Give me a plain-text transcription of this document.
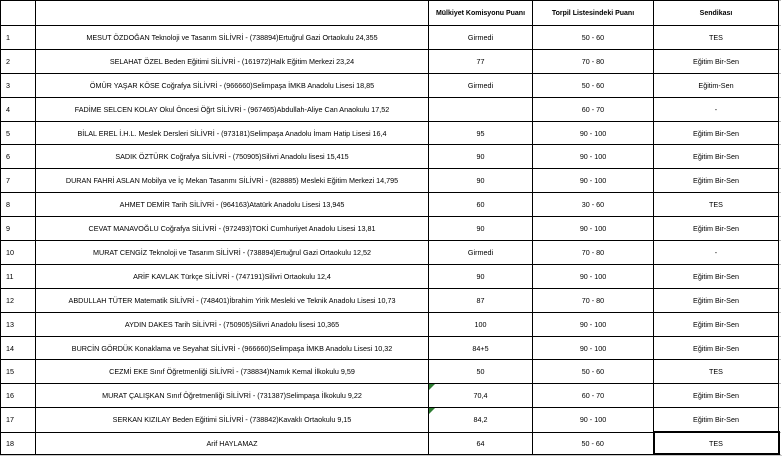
		Mülkiyet Komisyonu Puanı	Torpil Listesindeki Puanı	Sendikası	
1	MESUT ÖZDOĞAN Teknoloji ve Tasarım SİLİVRİ - (738894)Ertuğrul Gazi Ortaokulu 24,355	Girmedi	50 - 60	TES	
2	SELAHAT ÖZEL Beden Eğitimi SİLİVRİ - (161972)Halk Eğitim Merkezi 23,24	77	70 - 80	Eğitim Bir-Sen	
3	ÖMÜR YAŞAR KÖSE Coğrafya SİLİVRİ - (966660)Selimpaşa İMKB Anadolu Lisesi 18,85	Girmedi	50 - 60	Eğitim-Sen	
4	FADİME SELCEN KOLAY Okul Öncesi Öğrt SİLİVRİ - (967465)Abdullah-Aliye Can Anaokulu 17,52		60 - 70	-	
5	BİLAL EREL İ.H.L. Meslek Dersleri SİLİVRİ - (973181)Selimpaşa Anadolu İmam Hatip Lisesi 16,4	95	90 - 100	Eğitim Bir-Sen	
6	SADIK ÖZTÜRK Coğrafya SİLİVRİ - (750905)Silivri Anadolu lisesi 15,415	90	90 - 100	Eğitim Bir-Sen	
7	DURAN FAHRİ ASLAN Mobilya ve İç Mekan Tasarımı SİLİVRİ - (828885) Mesleki Eğitim Merkezi 14,795	90	90 - 100	Eğitim Bir-Sen	
8	AHMET DEMİR Tarih SİLİVRİ - (964163)Atatürk Anadolu Lisesi 13,945	60	30 - 60	TES	
9	CEVAT MANAVOĞLU Coğrafya SİLİVRİ - (972493)TOKİ Cumhuriyet Anadolu Lisesi 13,81	90	90 - 100	Eğitim Bir-Sen	
10	MURAT CENGİZ Teknoloji ve Tasarım SİLİVRİ - (738894)Ertuğrul Gazi Ortaokulu 12,52	Girmedi	70 - 80	-	
11	ARİF KAVLAK Türkçe SİLİVRİ - (747191)Silivri Ortaokulu 12,4	90	90 - 100	Eğitim Bir-Sen	
12	ABDULLAH TÜTER Matematik SİLİVRİ - (748401)İbrahim Yirik Mesleki ve Teknik Anadolu Lisesi 10,73	87	70 - 80	Eğitim Bir-Sen	
13	AYDIN DAKES Tarih SİLİVRİ - (750905)Silivri Anadolu lisesi 10,365	100	90 - 100	Eğitim Bir-Sen	
14	BURCİN GÖRDÜK Konaklama ve Seyahat SİLİVRİ - (966660)Selimpaşa İMKB Anadolu Lisesi 10,32	84+5	90 - 100	Eğitim Bir-Sen	
15	CEZMİ EKE Sınıf Öğretmenliği SİLİVRİ - (738834)Namık Kemal İlkokulu 9,59	50	50 - 60	TES	
16	MURAT ÇALIŞKAN Sınıf Öğretmenliği SİLİVRİ - (731387)Selimpaşa İlkokulu 9,22	70,4	60 - 70	Eğitim Bir-Sen	
17	SERKAN KIZILAY Beden Eğitimi SİLİVRİ - (738842)Kavaklı Ortaokulu 9,15	84,2	90 - 100	Eğitim Bir-Sen	
18	Arif HAYLAMAZ	64	50 - 60	TES	
